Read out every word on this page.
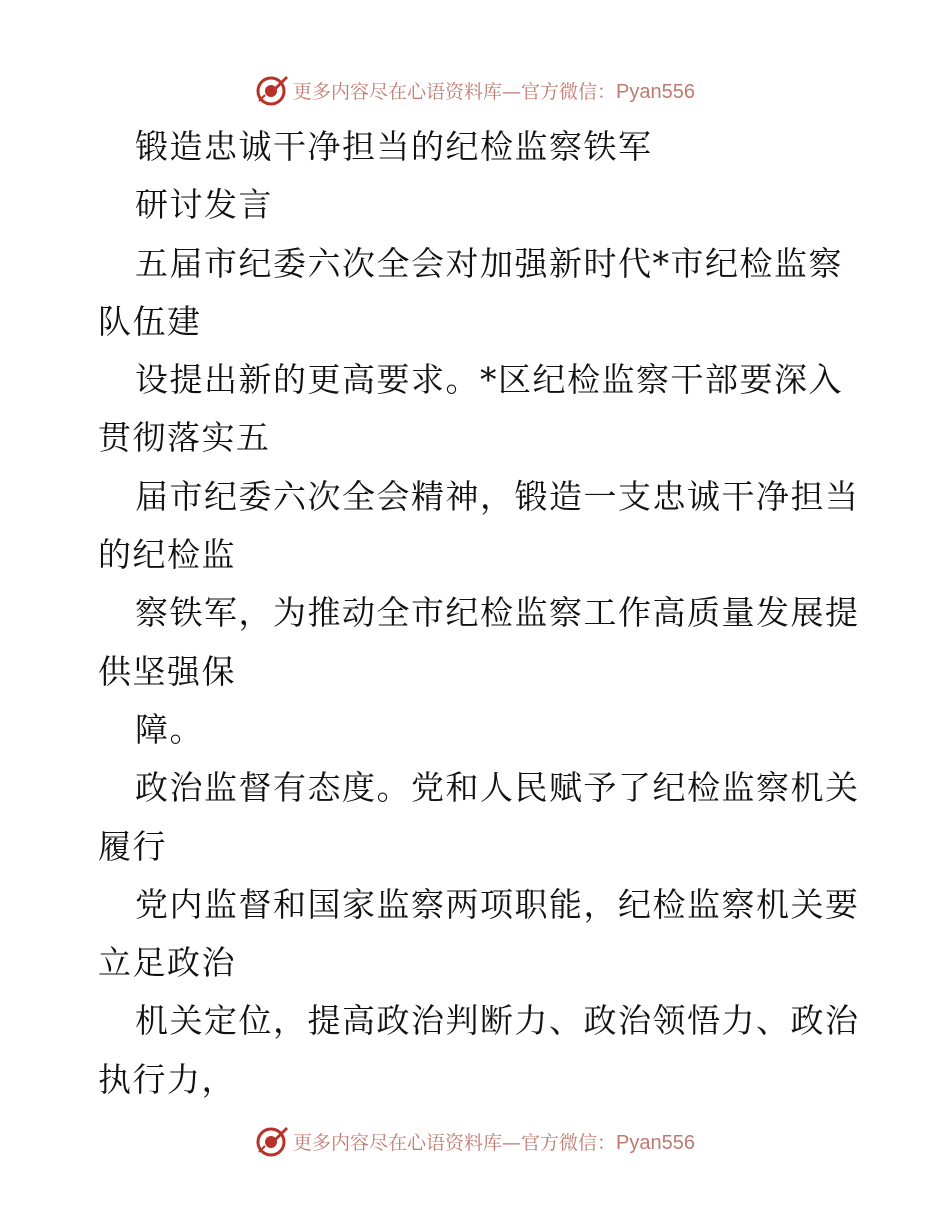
更多内容尽在心语资料库—官方微信：Pyan556
锻造忠诚干净担当的纪检监察铁军
研讨发言
五届市纪委六次全会对加强新时代*市纪检监察
队伍建
设提出新的更高要求。*区纪检监察干部要深入
贯彻落实五
届市纪委六次全会精神，锻造一支忠诚干净担当
的纪检监
察铁军，为推动全市纪检监察工作高质量发展提
供坚强保
障。
政治监督有态度。党和人民赋予了纪检监察机关
履行
党内监督和国家监察两项职能，纪检监察机关要
立足政治
机关定位，提高政治判断力、政治领悟力、政治
执行力，
更多内容尽在心语资料库—官方微信：Pyan556
